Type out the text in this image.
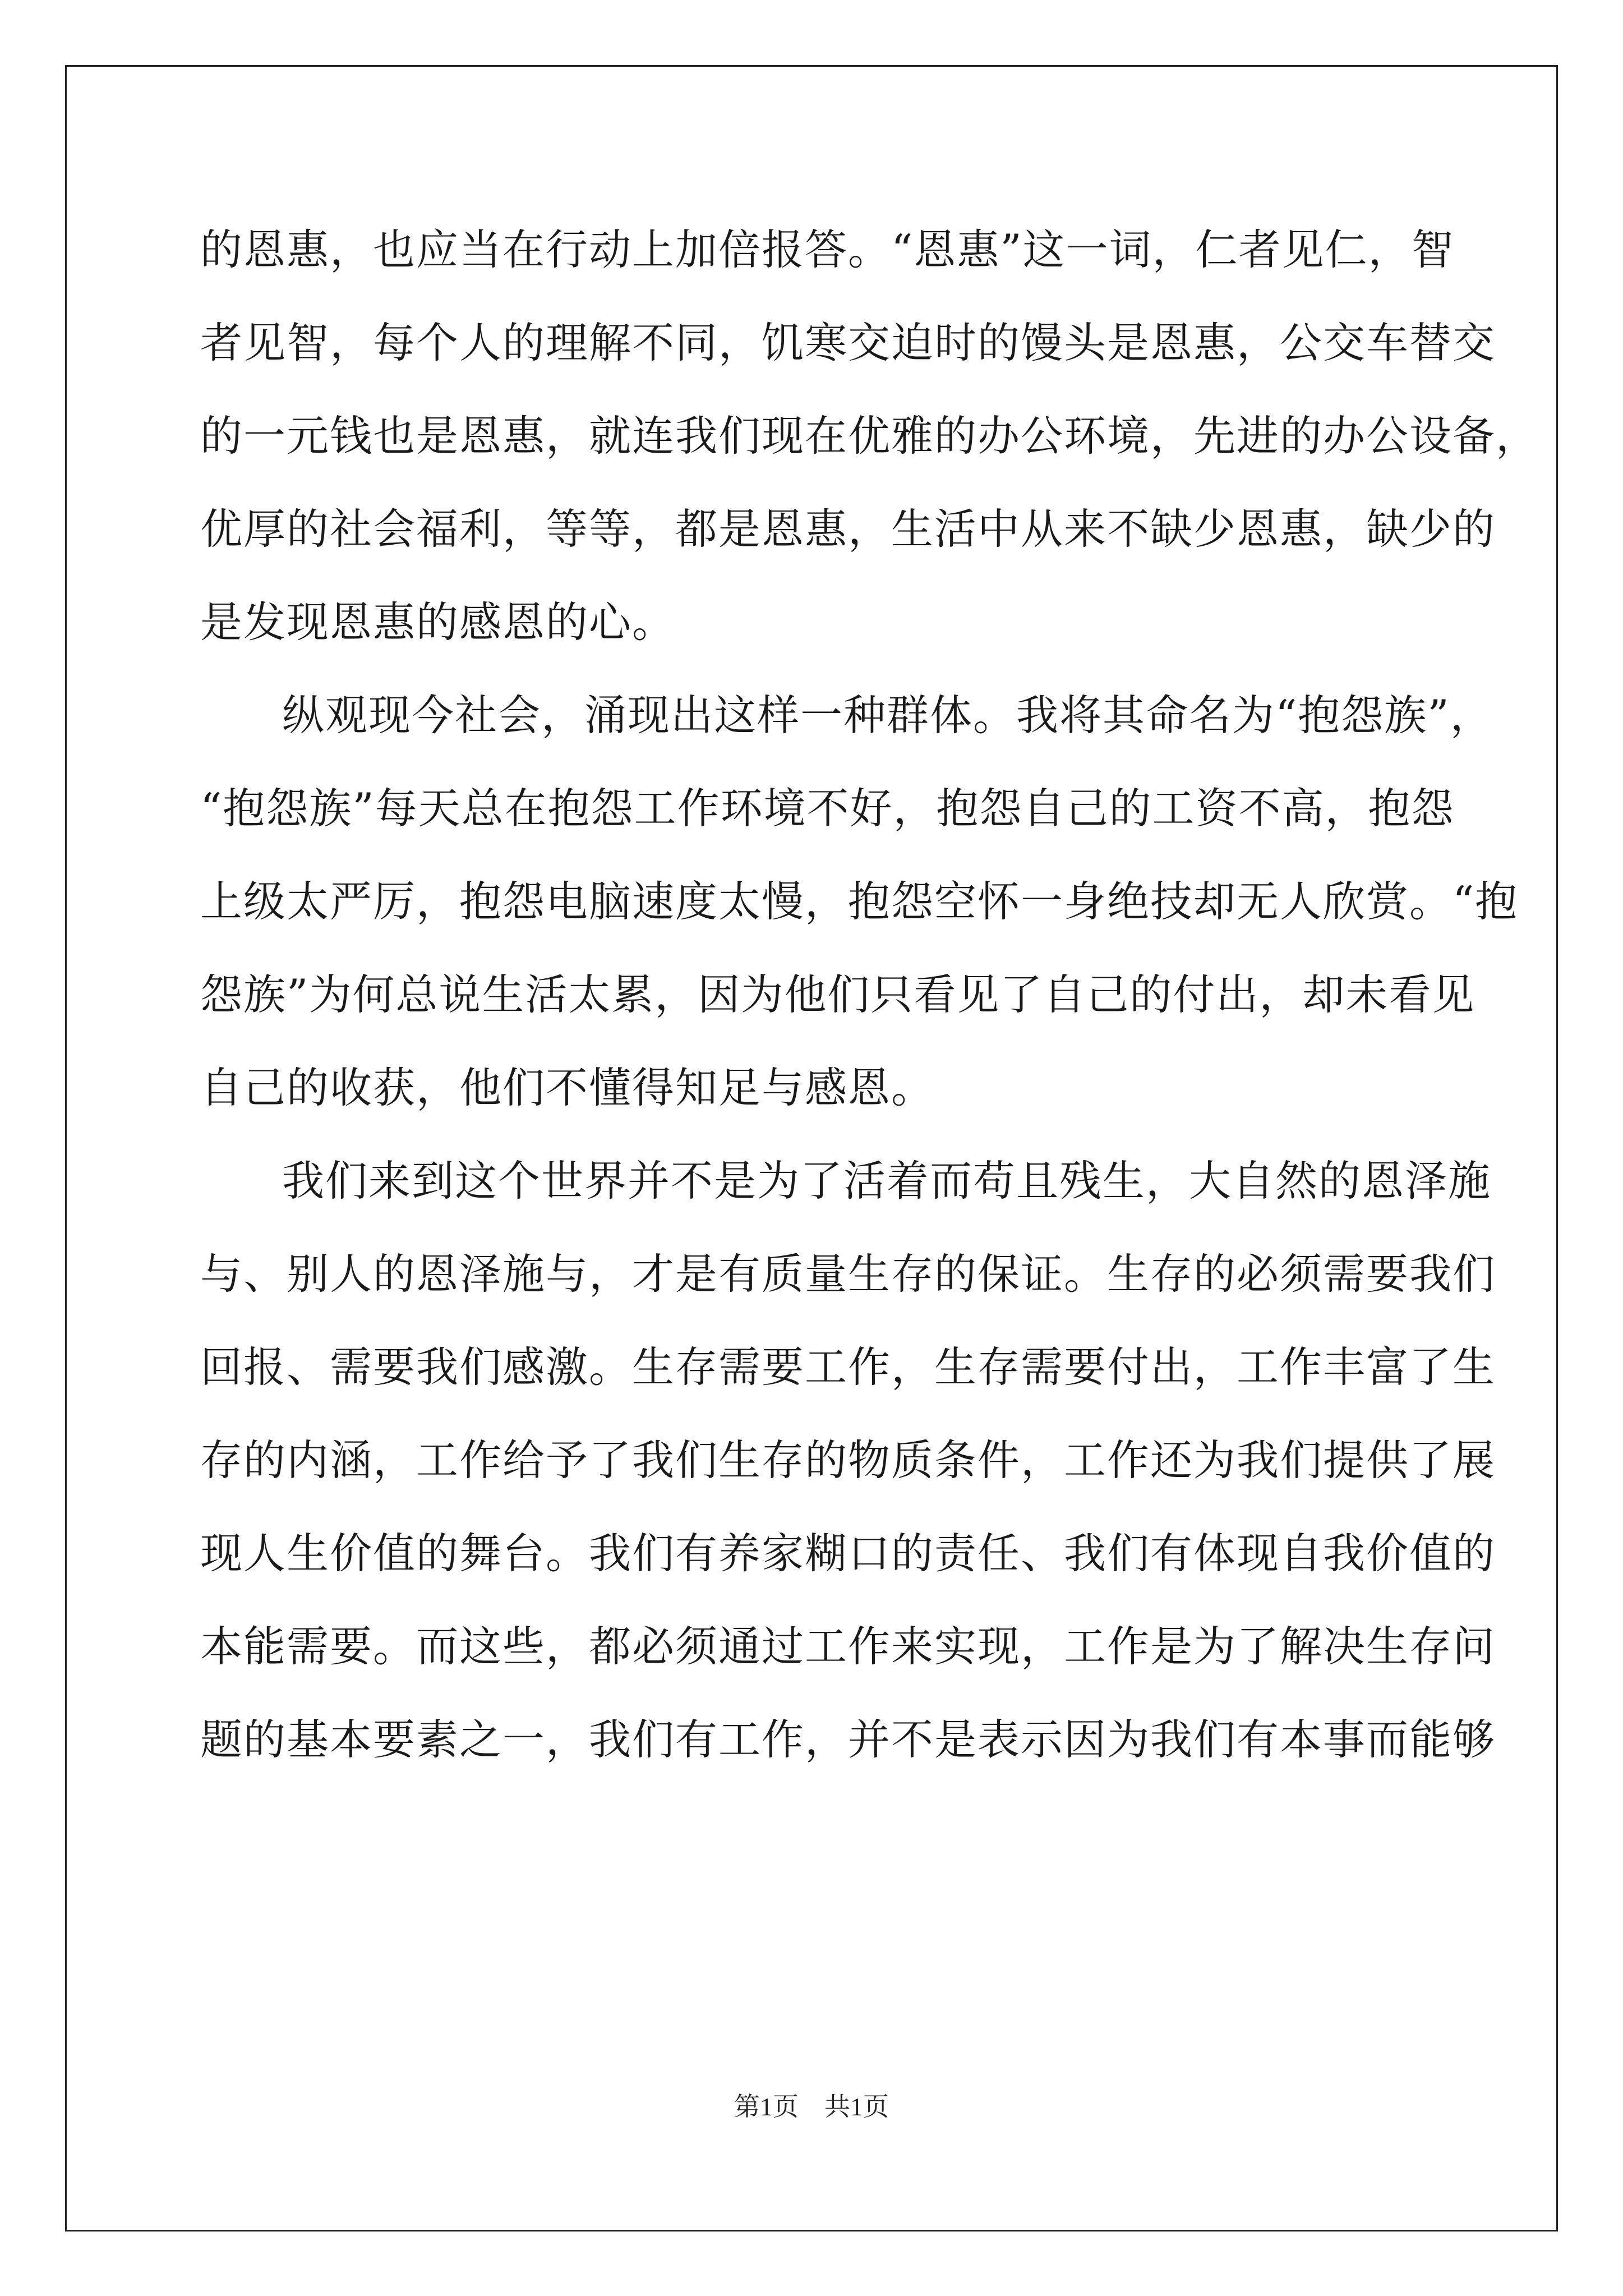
的恩惠，也应当在行动上加倍报答。“恩惠”这一词，仁者见仁，智
者见智，每个人的理解不同，饥寒交迫时的馒头是恩惠，公交车替交
的一元钱也是恩惠，就连我们现在优雅的办公环境，先进的办公设备，
优厚的社会福利，等等，都是恩惠，生活中从来不缺少恩惠，缺少的
是发现恩惠的感恩的心。
纵观现今社会，涌现出这样一种群体。我将其命名为“抱怨族”，
“抱怨族”每天总在抱怨工作环境不好，抱怨自己的工资不高，抱怨
上级太严厉，抱怨电脑速度太慢，抱怨空怀一身绝技却无人欣赏。“抱
怨族”为何总说生活太累，因为他们只看见了自己的付出，却未看见
自己的收获，他们不懂得知足与感恩。
我们来到这个世界并不是为了活着而苟且残生，大自然的恩泽施
与、别人的恩泽施与，才是有质量生存的保证。生存的必须需要我们
回报、需要我们感激。生存需要工作，生存需要付出，工作丰富了生
存的内涵，工作给予了我们生存的物质条件，工作还为我们提供了展
现人生价值的舞台。我们有养家糊口的责任、我们有体现自我价值的
本能需要。而这些，都必须通过工作来实现，工作是为了解决生存问
题的基本要素之一，我们有工作，并不是表示因为我们有本事而能够
第1页　共1页
